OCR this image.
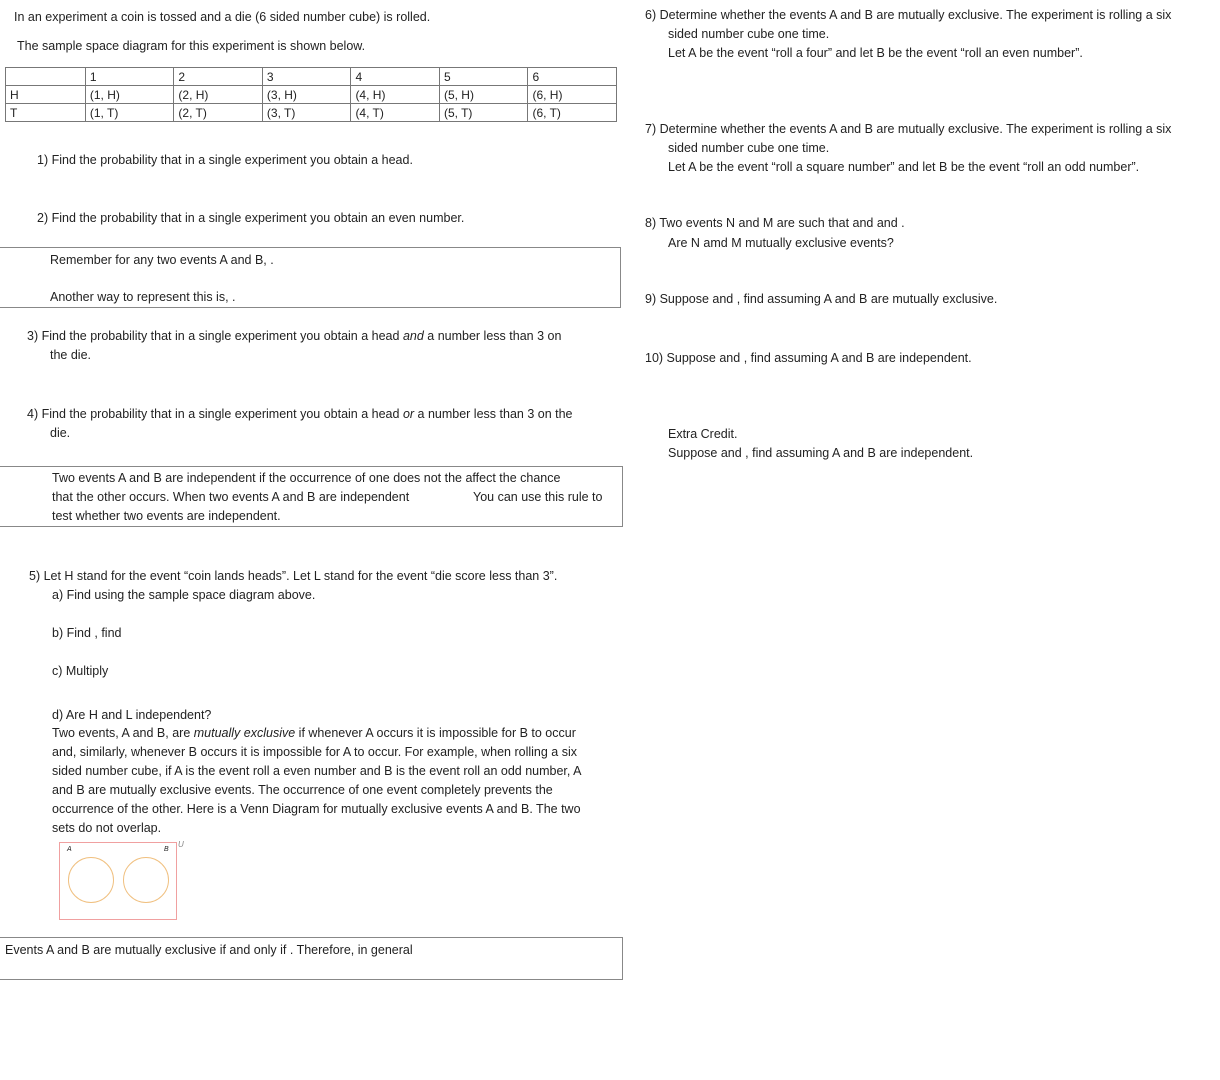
In an experiment a coin is tossed and a die (6 sided number cube) is rolled.
The sample space diagram for this experiment is shown below.
	1	2	3	4	5	6
H	(1, H)	(2, H)	(3, H)	(4, H)	(5, H)	(6, H)
T	(1, T)	(2, T)	(3, T)	(4, T)	(5, T)	(6, T)
1) Find the probability that in a single experiment you obtain a head.
2) Find the probability that in a single experiment you obtain an even number.
Remember for any two events A and B, .
Another way to represent this is, .
3) Find the probability that in a single experiment you obtain a head and a number less than 3 on
the die.
4) Find the probability that in a single experiment you obtain a head or a number less than 3 on the
die.
Two events A and B are independent if the occurrence of one does not the affect the chance
that the other occurs. When two events A and B are independent	You can use this rule to
test whether two events are independent.
5) Let H stand for the event “coin lands heads”. Let L stand for the event “die score less than 3”.
a) Find using the sample space diagram above.
b) Find , find
c) Multiply
d) Are H and L independent?
Two events, A and B, are mutually exclusive if whenever A occurs it is impossible for B to occur
and, similarly, whenever B occurs it is impossible for A to occur. For example, when rolling a six
sided number cube, if A is the event roll a even number and B is the event roll an odd number, A
and B are mutually exclusive events. The occurrence of one event completely prevents the
occurrence of the other. Here is a Venn Diagram for mutually exclusive events A and B. The two
sets do not overlap.
A	B
U
Events A and B are mutually exclusive if and only if . Therefore, in general
6) Determine whether the events A and B are mutually exclusive. The experiment is rolling a six
sided number cube one time.
Let A be the event “roll a four” and let B be the event “roll an even number”.
7) Determine whether the events A and B are mutually exclusive. The experiment is rolling a six
sided number cube one time.
Let A be the event “roll a square number” and let B be the event “roll an odd number”.
8) Two events N and M are such that and and .
Are N amd M mutually exclusive events?
9) Suppose and , find assuming A and B are mutually exclusive.
10) Suppose and , find assuming A and B are independent.
Extra Credit.
Suppose and , find assuming A and B are independent.
